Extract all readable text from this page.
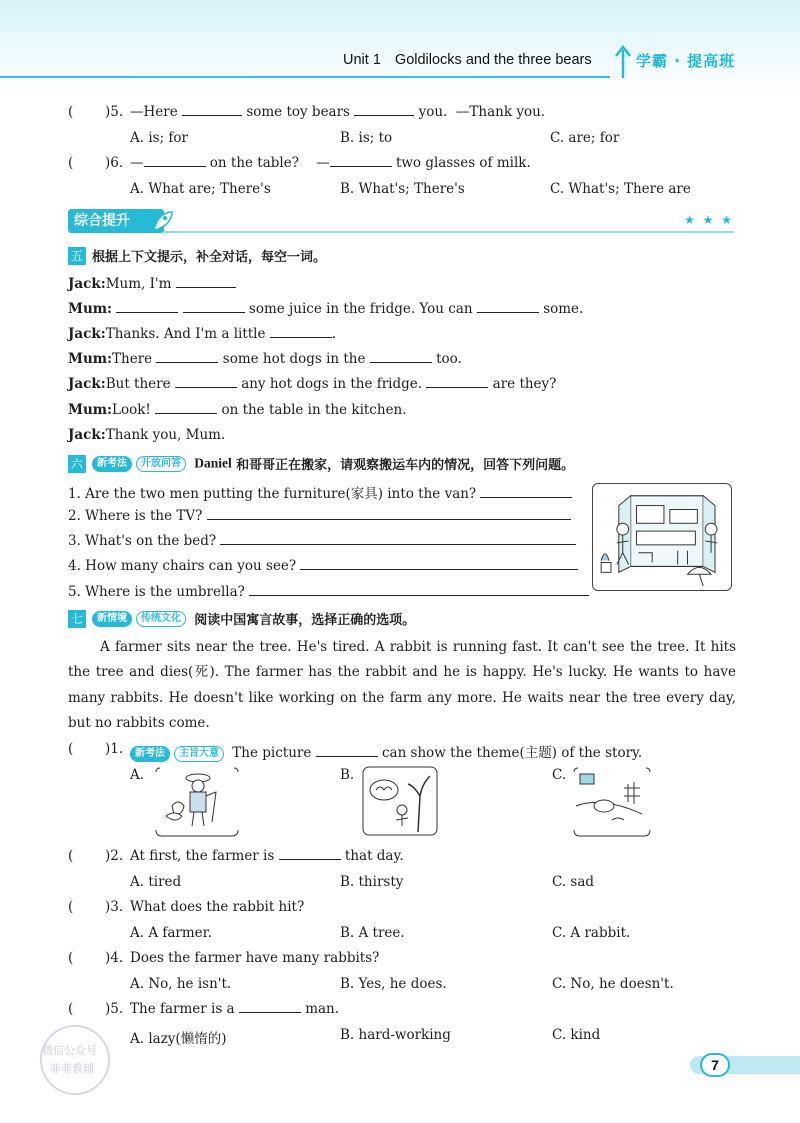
Unit 1 Goldilocks and the three bears	学霸 · 提高班
( )5. —Here	some toy bears	you. —Thank you.
A. is; for	B. is; to	C. are; for
( )6. —	on the table? —	two glasses of milk.
A. What are; There's	B. What's; There's	C. What's; There are
综合提升	★ ★ ★
五 根据上下文提示，补全对话，每空一词。
Jack:Mum, I'm
Mum:	some juice in the fridge. You can	some.
Jack:Thanks. And I'm a little	.
Mum:There	some hot dogs in the	too.
Jack:But there	any hot dogs in the fridge.	are they?
Mum:Look!	on the table in the kitchen.
Jack:Thank you, Mum.
六 新考法 开放问答 Daniel 和哥哥正在搬家，请观察搬运车内的情况，回答下列问题。
1. Are the two men putting the furniture(家具) into the van?
2. Where is the TV?
3. What's on the bed?
4. How many chairs can you see?
5. Where is the umbrella?
七 新情境 传统文化 阅读中国寓言故事，选择正确的选项。
A farmer sits near the tree. He's tired. A rabbit is running fast. It can't see the tree. It hits the tree and dies(死). The farmer has the rabbit and he is happy. He's lucky. He wants to have many rabbits. He doesn't like working on the farm any more. He waits near the tree every day, but no rabbits come.
( )1.	新考法 主旨大意 The picture	can show the theme(主题) of the story.
A.	B.	C.
( )2. At first, the farmer is	that day.
A. tired	B. thirsty	C. sad
( )3. What does the rabbit hit?
A. A farmer.	B. A tree.	C. A rabbit.
( )4. Does the farmer have many rabbits?
A. No, he isn't.	B. Yes, he does.	C. No, he doesn't.
( )5. The farmer is a	man.
A. lazy(懒惰的)	B. hard-working	C. kind
微信公众号
菲菲教辅	7
